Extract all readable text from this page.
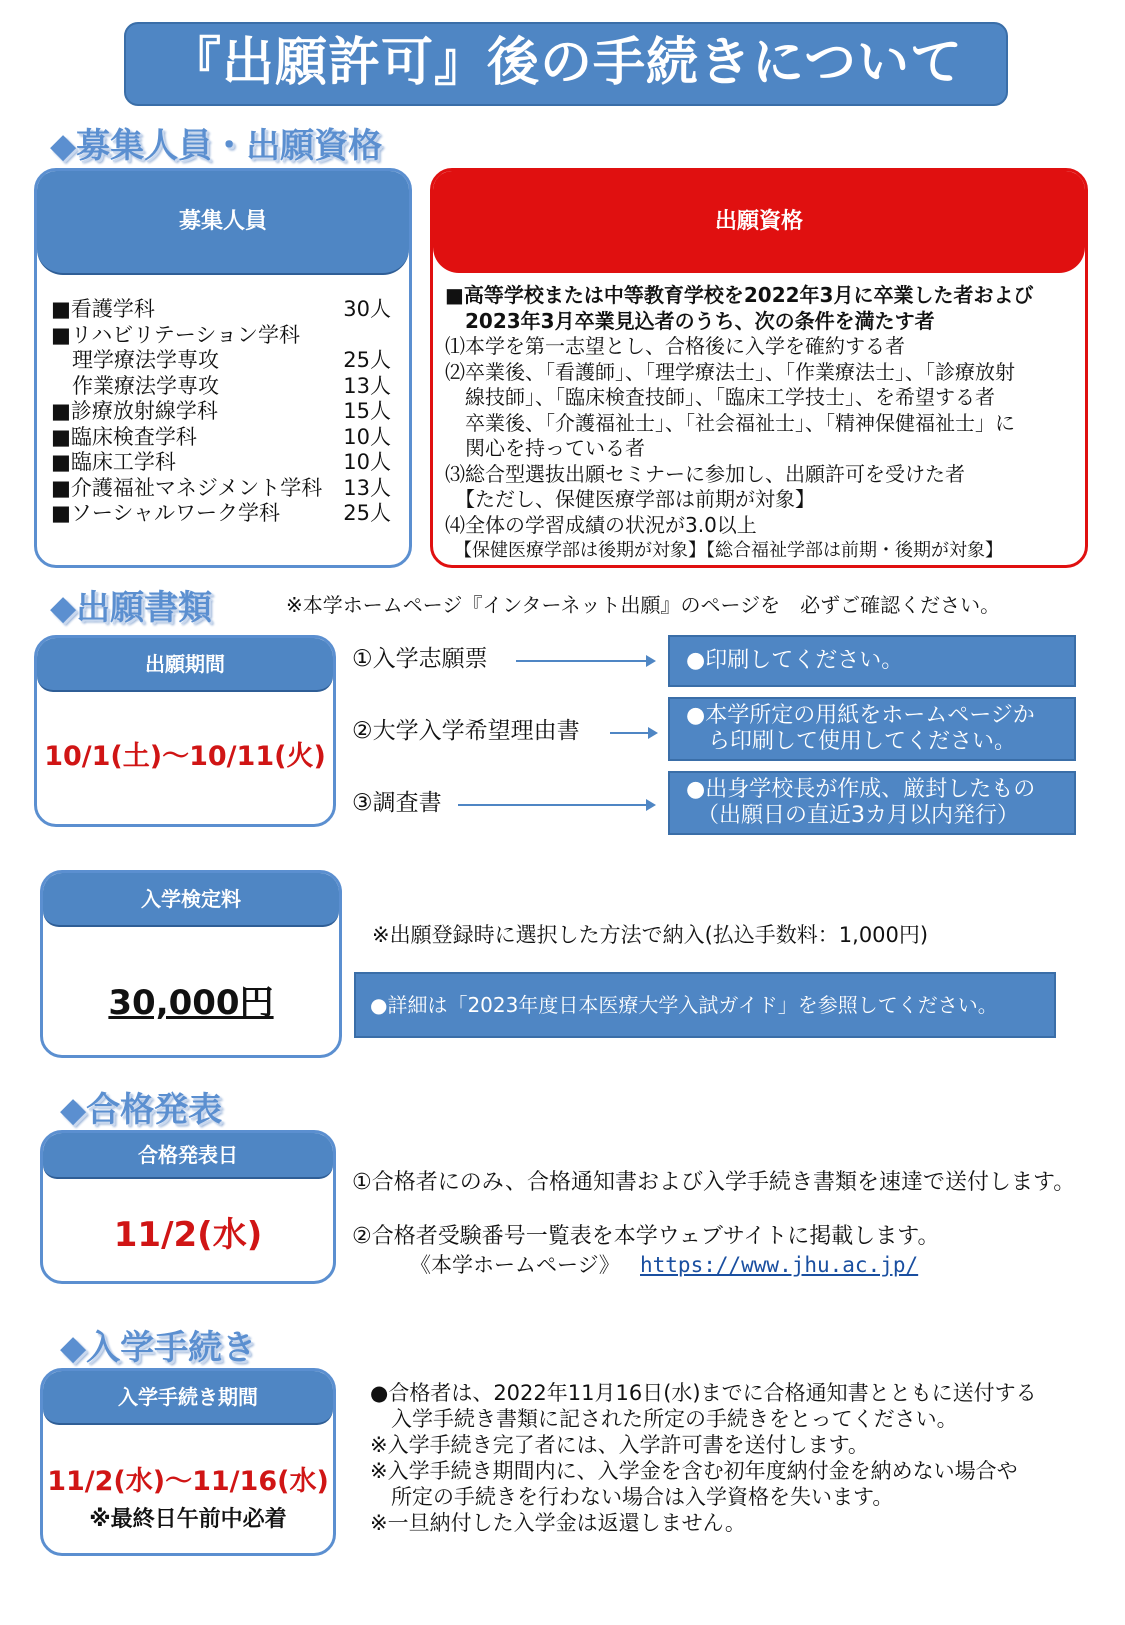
『出願許可』後の手続きについて
◆募集人員・出願資格
募集人員
■看護学科	30人
■リハビリテーション学科
　理学療法学専攻	25人
　作業療法学専攻	13人
■診療放射線学科	15人
■臨床検査学科	10人
■臨床工学科	10人
■介護福祉マネジメント学科	13人
■ソーシャルワーク学科	25人
出願資格
■高等学校または中等教育学校を2022年3月に卒業した者および
　2023年3月卒業見込者のうち、次の条件を満たす者
⑴本学を第一志望とし、合格後に入学を確約する者
⑵卒業後、「看護師」、「理学療法士」、「作業療法士」、「診療放射
　線技師」、「臨床検査技師」、「臨床工学技士」、を希望する者
　卒業後、「介護福祉士」、「社会福祉士」、「精神保健福祉士」に
　関心を持っている者
⑶総合型選抜出願セミナーに参加し、出願許可を受けた者
　【ただし、保健医療学部は前期が対象】
⑷全体の学習成績の状況が3.0以上
　【保健医療学部は後期が対象】【総合福祉学部は前期・後期が対象】
◆出願書類	※本学ホームページ『インターネット出願』のページを　必ずご確認ください。
出願期間
10/1(土)～10/11(火)
①入学志願票	●印刷してください。
②大学入学希望理由書
●本学所定の用紙をホームページか
　ら印刷して使用してください。
③調査書
●出身学校長が作成、厳封したもの
　（出願日の直近3カ月以内発行）
入学検定料
30,000円
※出願登録時に選択した方法で納入(払込手数料：1,000円)
●詳細は「2023年度日本医療大学入試ガイド」を参照してください。
◆合格発表
合格発表日
11/2(水)
①合格者にのみ、合格通知書および入学手続き書類を速達で送付します。
②合格者受験番号一覧表を本学ウェブサイトに掲載します。
《本学ホームページ》 https://www.jhu.ac.jp/
◆入学手続き
入学手続き期間
11/2(水)～11/16(水)
※最終日午前中必着
●合格者は、2022年11月16日(水)までに合格通知書とともに送付する
　入学手続き書類に記された所定の手続きをとってください。
※入学手続き完了者には、入学許可書を送付します。
※入学手続き期間内に、入学金を含む初年度納付金を納めない場合や
　所定の手続きを行わない場合は入学資格を失います。
※一旦納付した入学金は返還しません。
